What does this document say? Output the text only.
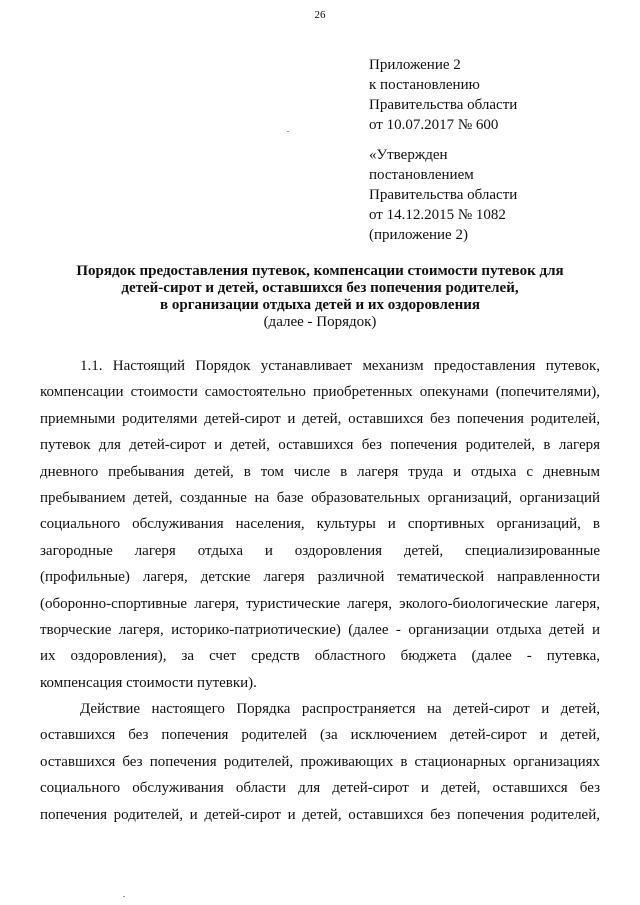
26
Приложение 2
к постановлению
Правительства области
от 10.07.2017 № 600
«Утвержден
постановлением
Правительства области
от 14.12.2015 № 1082
(приложение 2)
Порядок предоставления путевок, компенсации стоимости путевок для
детей-сирот и детей, оставшихся без попечения родителей,
в организации отдыха детей и их оздоровления
(далее - Порядок)
1.1. Настоящий Порядок устанавливает механизм предоставления путевок,
компенсации стоимости самостоятельно приобретенных опекунами (попечителями),
приемными родителями детей-сирот и детей, оставшихся без попечения родителей,
путевок для детей-сирот и детей, оставшихся без попечения родителей, в лагеря
дневного пребывания детей, в том числе в лагеря труда и отдыха с дневным
пребыванием детей, созданные на базе образовательных организаций, организаций
социального обслуживания населения, культуры и спортивных организаций, в
загородные лагеря отдыха и оздоровления детей, специализированные
(профильные) лагеря, детские лагеря различной тематической направленности
(оборонно-спортивные лагеря, туристические лагеря, эколого-биологические лагеря,
творческие лагеря, историко-патриотические) (далее - организации отдыха детей и
их оздоровления), за счет средств областного бюджета (далее - путевка,
компенсация стоимости путевки).
Действие настоящего Порядка распространяется на детей-сирот и детей,
оставшихся без попечения родителей (за исключением детей-сирот и детей,
оставшихся без попечения родителей, проживающих в стационарных организациях
социального обслуживания области для детей-сирот и детей, оставшихся без
попечения родителей, и детей-сирот и детей, оставшихся без попечения родителей,
